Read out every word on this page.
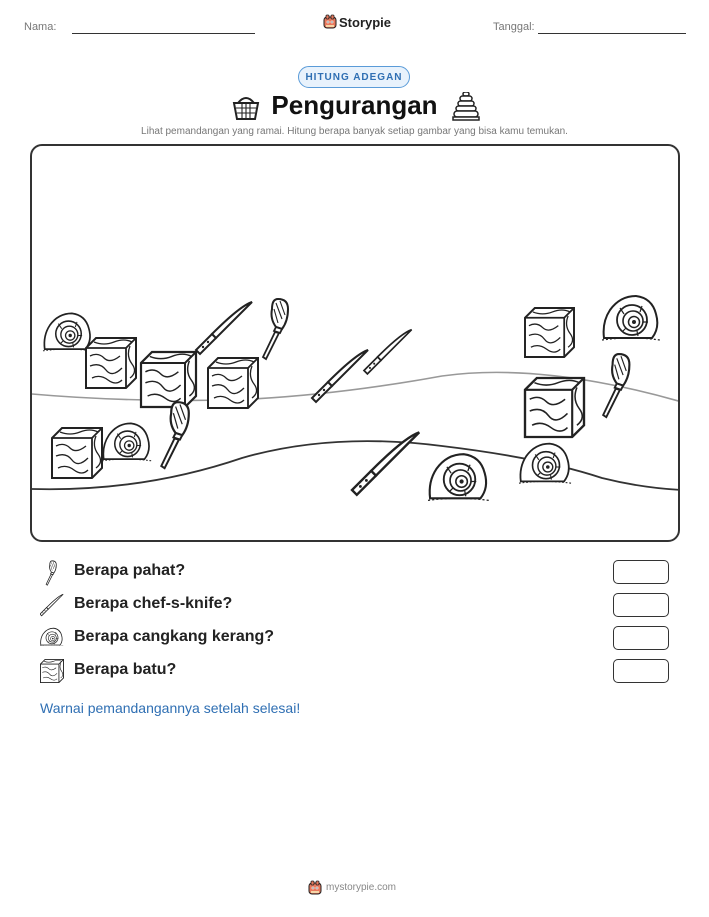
Nama:	Storypie	Tanggal:
HITUNG ADEGAN
Pengurangan
Lihat pemandangan yang ramai. Hitung berapa banyak setiap gambar yang bisa kamu temukan.
Berapa pahat?
Berapa chef-s-knife?
Berapa cangkang kerang?
Berapa batu?
Warnai pemandangannya setelah selesai!
mystorypie.com
